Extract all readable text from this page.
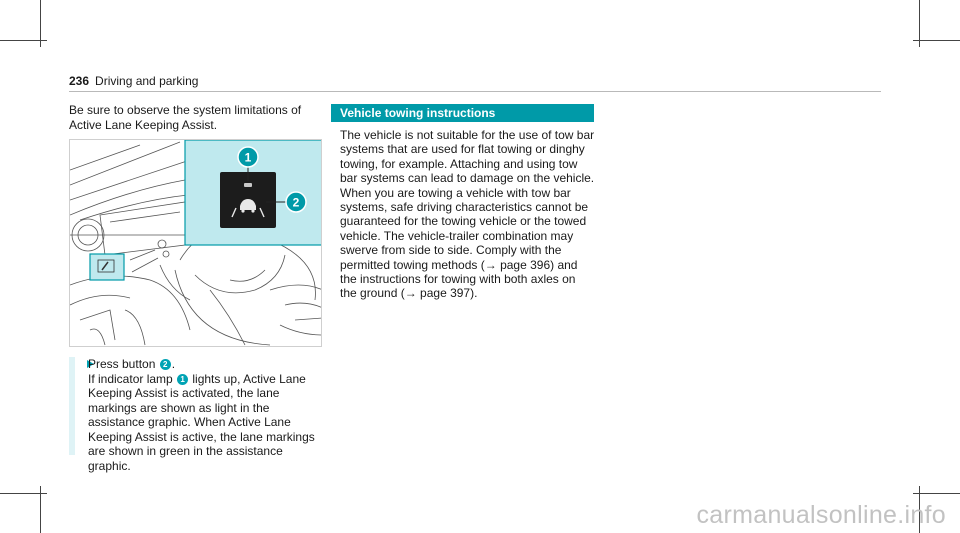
236 Driving and parking
Be sure to observe the system limitations of Active Lane Keeping Assist.
1
2
Press button 2 .
If indicator lamp 1 lights up, Active Lane Keeping Assist is activated, the lane markings are shown as light in the assistance graphic. When Active Lane Keeping Assist is active, the lane markings are shown in green in the assistance graphic.
Vehicle towing instructions
The vehicle is not suitable for the use of tow bar systems that are used for flat towing or dinghy towing, for example. Attaching and using tow bar systems can lead to damage on the vehicle. When you are towing a vehicle with tow bar systems, safe driving characteristics cannot be guaranteed for the towing vehicle or the towed vehicle. The vehicle-trailer combination may swerve from side to side. Comply with the permitted towing methods (→ page 396) and the instructions for towing with both axles on the ground (→ page 397).
carmanualsonline.info
